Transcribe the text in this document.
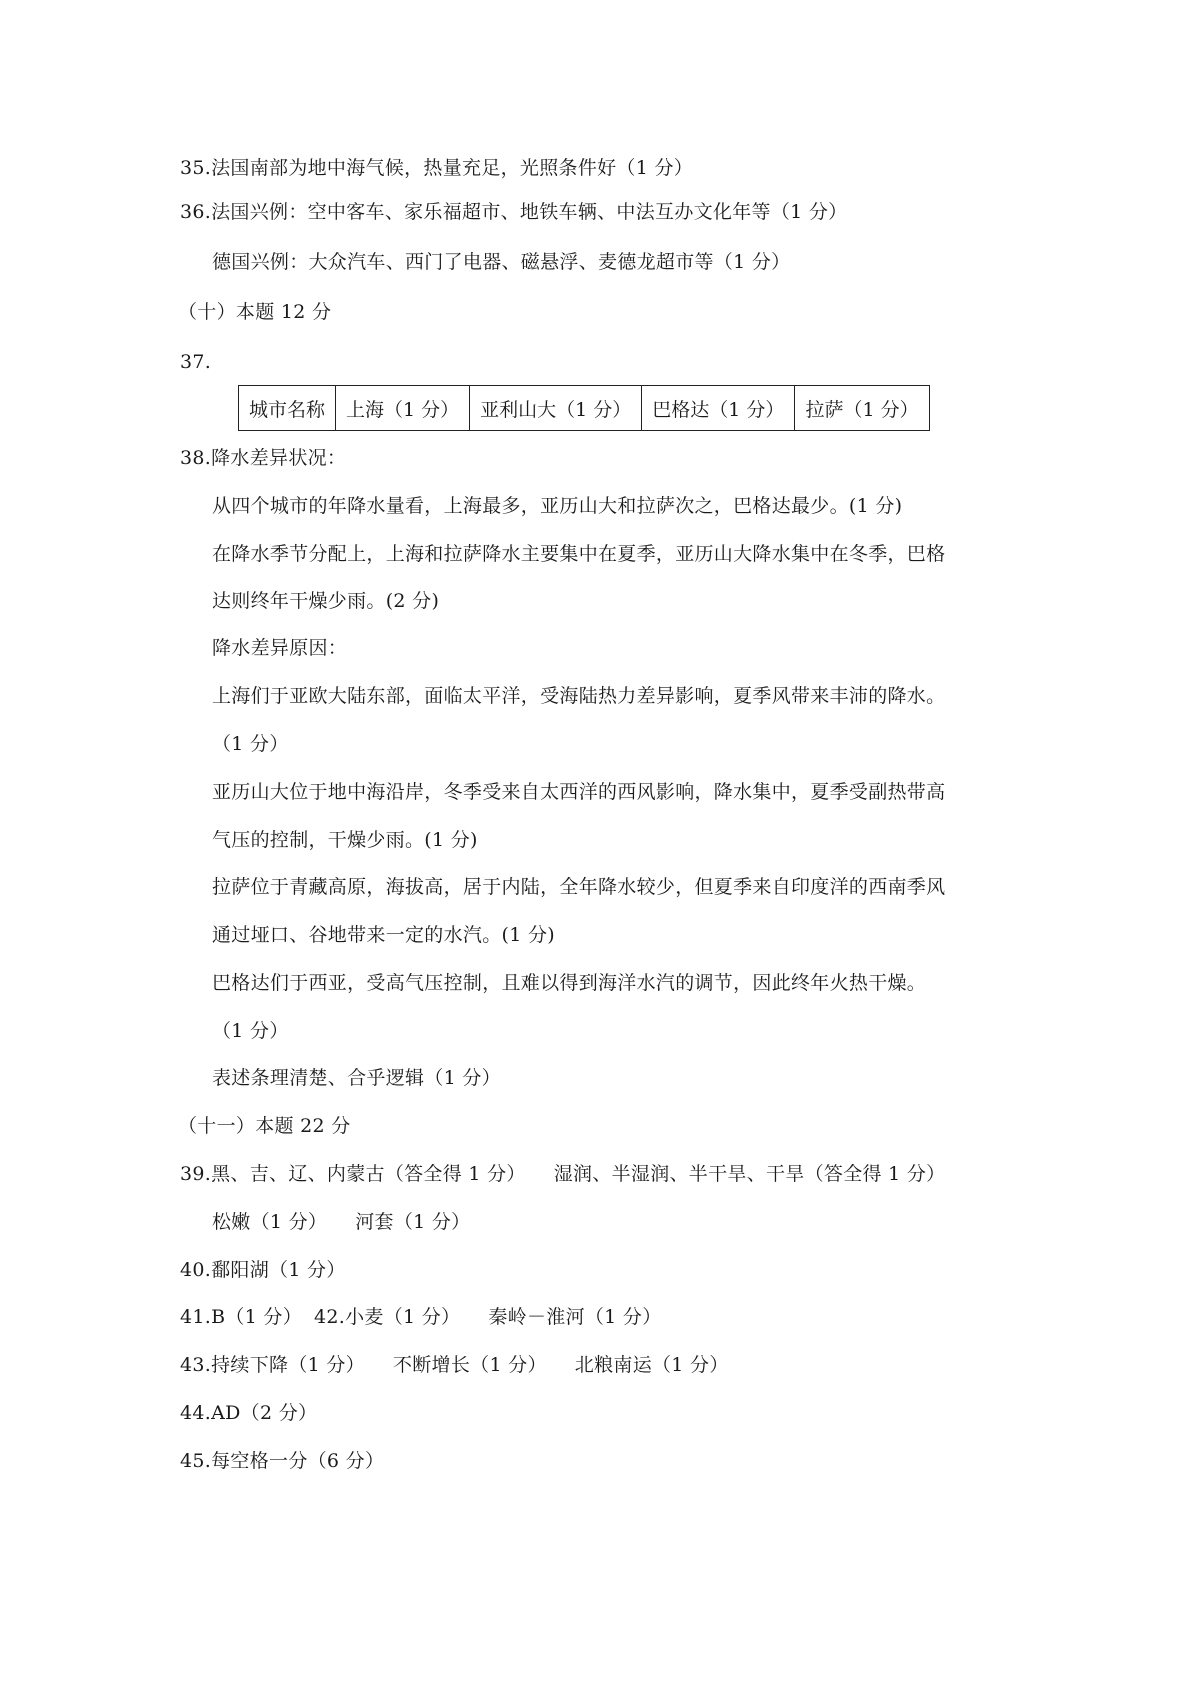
35.法国南部为地中海气候，热量充足，光照条件好（1 分）
36.法国兴例：空中客车、家乐福超市、地铁车辆、中法互办文化年等（1 分）
德国兴例：大众汽车、西门了电器、磁悬浮、麦德龙超市等（1 分）
（十）本题 12 分
37.
城市名称	上海（1 分）	亚利山大（1 分）	巴格达（1 分）	拉萨（1 分）
38.降水差异状况：
从四个城市的年降水量看，上海最多，亚历山大和拉萨次之，巴格达最少。(1 分)
在降水季节分配上，上海和拉萨降水主要集中在夏季，亚历山大降水集中在冬季，巴格
达则终年干燥少雨。(2 分)
降水差异原因：
上海们于亚欧大陆东部，面临太平洋，受海陆热力差异影响，夏季风带来丰沛的降水。
（1 分）
亚历山大位于地中海沿岸，冬季受来自太西洋的西风影响，降水集中，夏季受副热带高
气压的控制，干燥少雨。(1 分)
拉萨位于青藏高原，海拔高，居于内陆，全年降水较少，但夏季来自印度洋的西南季风
通过垭口、谷地带来一定的水汽。(1 分)
巴格达们于西亚，受高气压控制，且难以得到海洋水汽的调节，因此终年火热干燥。
（1 分）
表述条理清楚、合乎逻辑（1 分）
（十一）本题 22 分
39.黑、吉、辽、内蒙古（答全得 1 分） 湿润、半湿润、半干旱、干旱（答全得 1 分）
松嫩（1 分） 河套（1 分）
40.鄱阳湖（1 分）
41.B（1 分） 42.小麦（1 分） 秦岭－淮河（1 分）
43.持续下降（1 分） 不断增长（1 分） 北粮南运（1 分）
44.AD（2 分）
45.每空格一分（6 分）
